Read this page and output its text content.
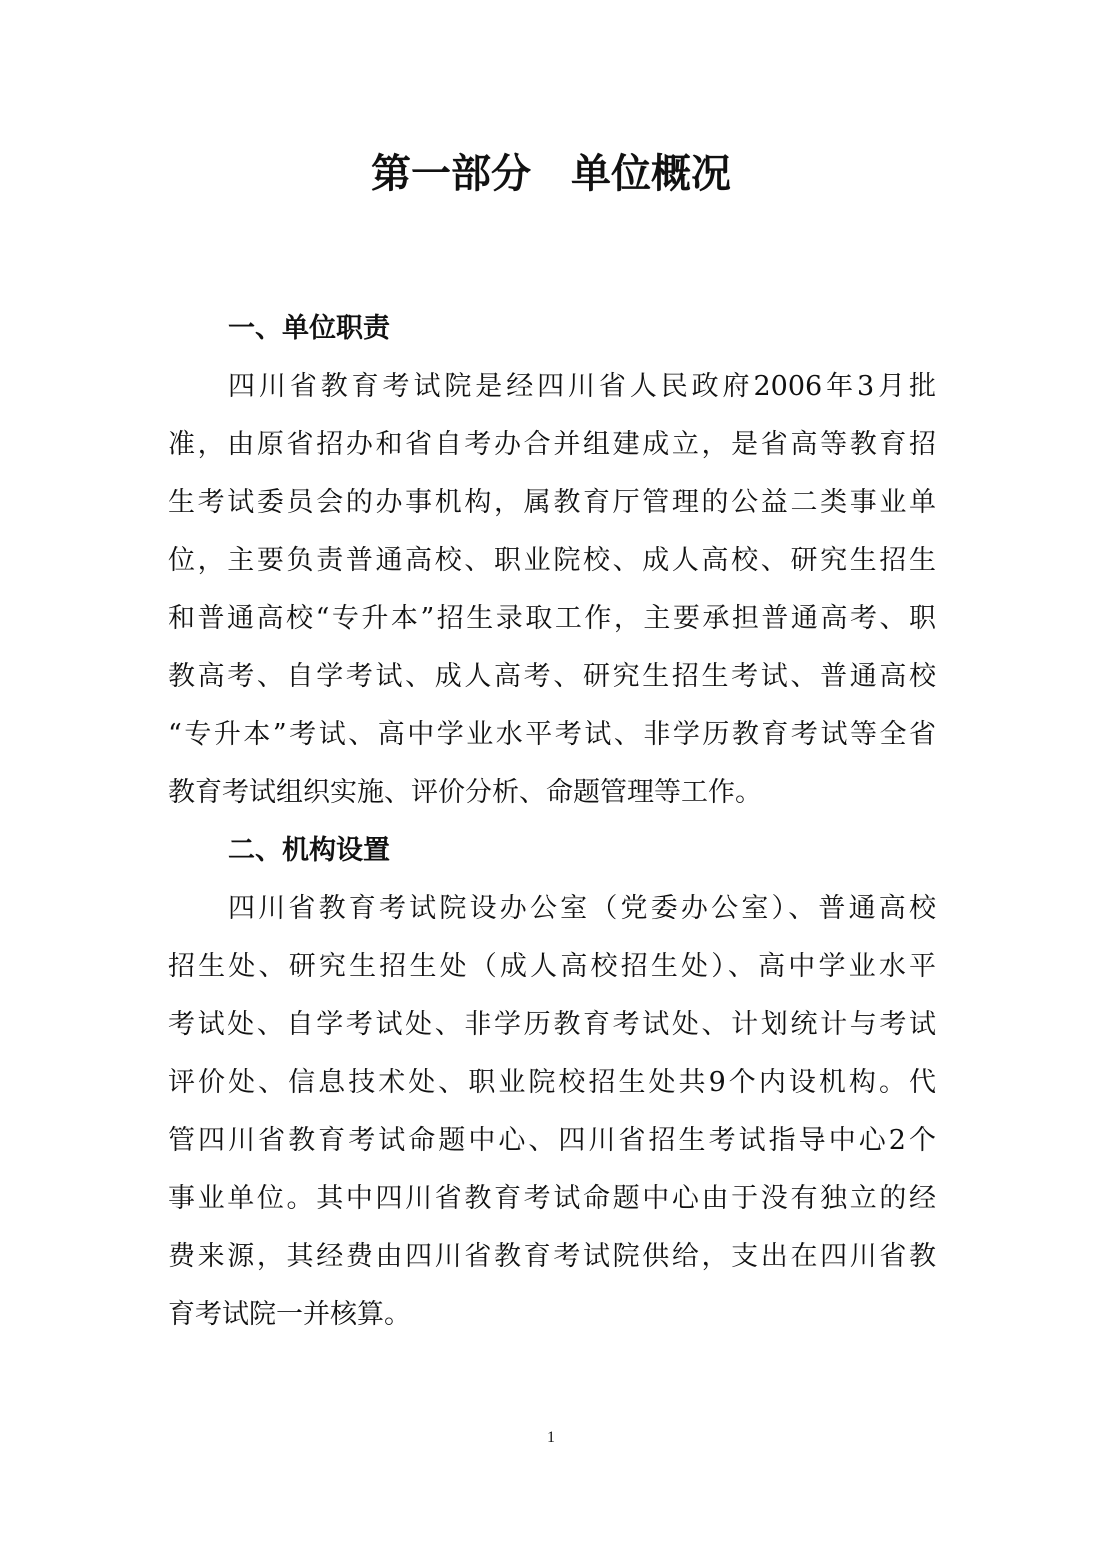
第一部分　单位概况
一、单位职责
四川省教育考试院是经四川省人民政府2006年3月批
准，由原省招办和省自考办合并组建成立，是省高等教育招
生考试委员会的办事机构，属教育厅管理的公益二类事业单
位，主要负责普通高校、职业院校、成人高校、研究生招生
和普通高校“专升本”招生录取工作，主要承担普通高考、职
教高考、自学考试、成人高考、研究生招生考试、普通高校
“专升本”考试、高中学业水平考试、非学历教育考试等全省
教育考试组织实施、评价分析、命题管理等工作。
二、机构设置
四川省教育考试院设办公室（党委办公室）、普通高校
招生处、研究生招生处（成人高校招生处）、高中学业水平
考试处、自学考试处、非学历教育考试处、计划统计与考试
评价处、信息技术处、职业院校招生处共9个内设机构。代
管四川省教育考试命题中心、四川省招生考试指导中心2个
事业单位。其中四川省教育考试命题中心由于没有独立的经
费来源，其经费由四川省教育考试院供给，支出在四川省教
育考试院一并核算。
1
